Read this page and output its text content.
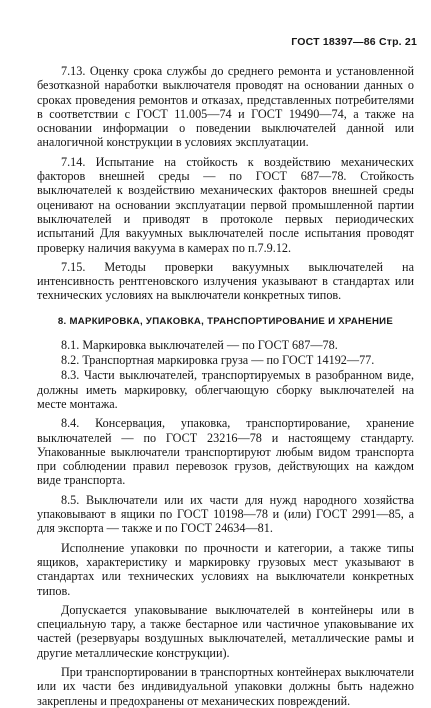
ГОСТ 18397—86 Стр. 21

7.13. Оценку срока службы до среднего ремонта и установленной безотказной наработки выключателя проводят на основании данных о сроках проведения ремонтов и отказах, представленных потребителями в соответствии с ГОСТ 11.005—74 и ГОСТ 19490—74, а также на основании информации о поведении выключателей данной или аналогичной конструкции в условиях эксплуатации.

7.14. Испытание на стойкость к воздействию механических факторов внешней среды — по ГОСТ 687—78. Стойкость выключателей к воздействию механических факторов внешней среды оценивают на основании эксплуатации первой промышленной партии выключателей и приводят в протоколе первых периодических испытаний Для вакуумных выключателей после испытания проводят проверку наличия вакуума в камерах по п.7.9.12.

7.15. Методы проверки вакуумных выключателей на интенсивность рентгеновского излучения указывают в стандартах или технических условиях на выключатели конкретных типов.

8. МАРКИРОВКА, УПАКОВКА, ТРАНСПОРТИРОВАНИЕ И ХРАНЕНИЕ

8.1. Маркировка выключателей — по ГОСТ 687—78.

8.2. Транспортная маркировка груза — по ГОСТ 14192—77.

8.3. Части выключателей, транспортируемых в разобранном виде, должны иметь маркировку, облегчающую сборку выключателей на месте монтажа.

8.4. Консервация, упаковка, транспортирование, хранение выключателей — по ГОСТ 23216—78 и настоящему стандарту. Упакованные выключатели транспортируют любым видом транспорта при соблюдении правил перевозок грузов, действующих на каждом виде транспорта.

8.5. Выключатели или их части для нужд народного хозяйства упаковывают в ящики по ГОСТ 10198—78 и (или) ГОСТ 2991—85, а для экспорта — также и по ГОСТ 24634—81.

Исполнение упаковки по прочности и категории, а также типы ящиков, характеристику и маркировку грузовых мест указывают в стандартах или технических условиях на выключатели конкретных типов.

Допускается упаковывание выключателей в контейнеры или в специальную тару, а также бестарное или частичное упаковывание их частей (резервуары воздушных выключателей, металлические рамы и другие металлические конструкции).

При транспортировании в транспортных контейнерах выключатели или их части без индивидуальной упаковки должны быть надежно закреплены и предохранены от механических повреждений.
